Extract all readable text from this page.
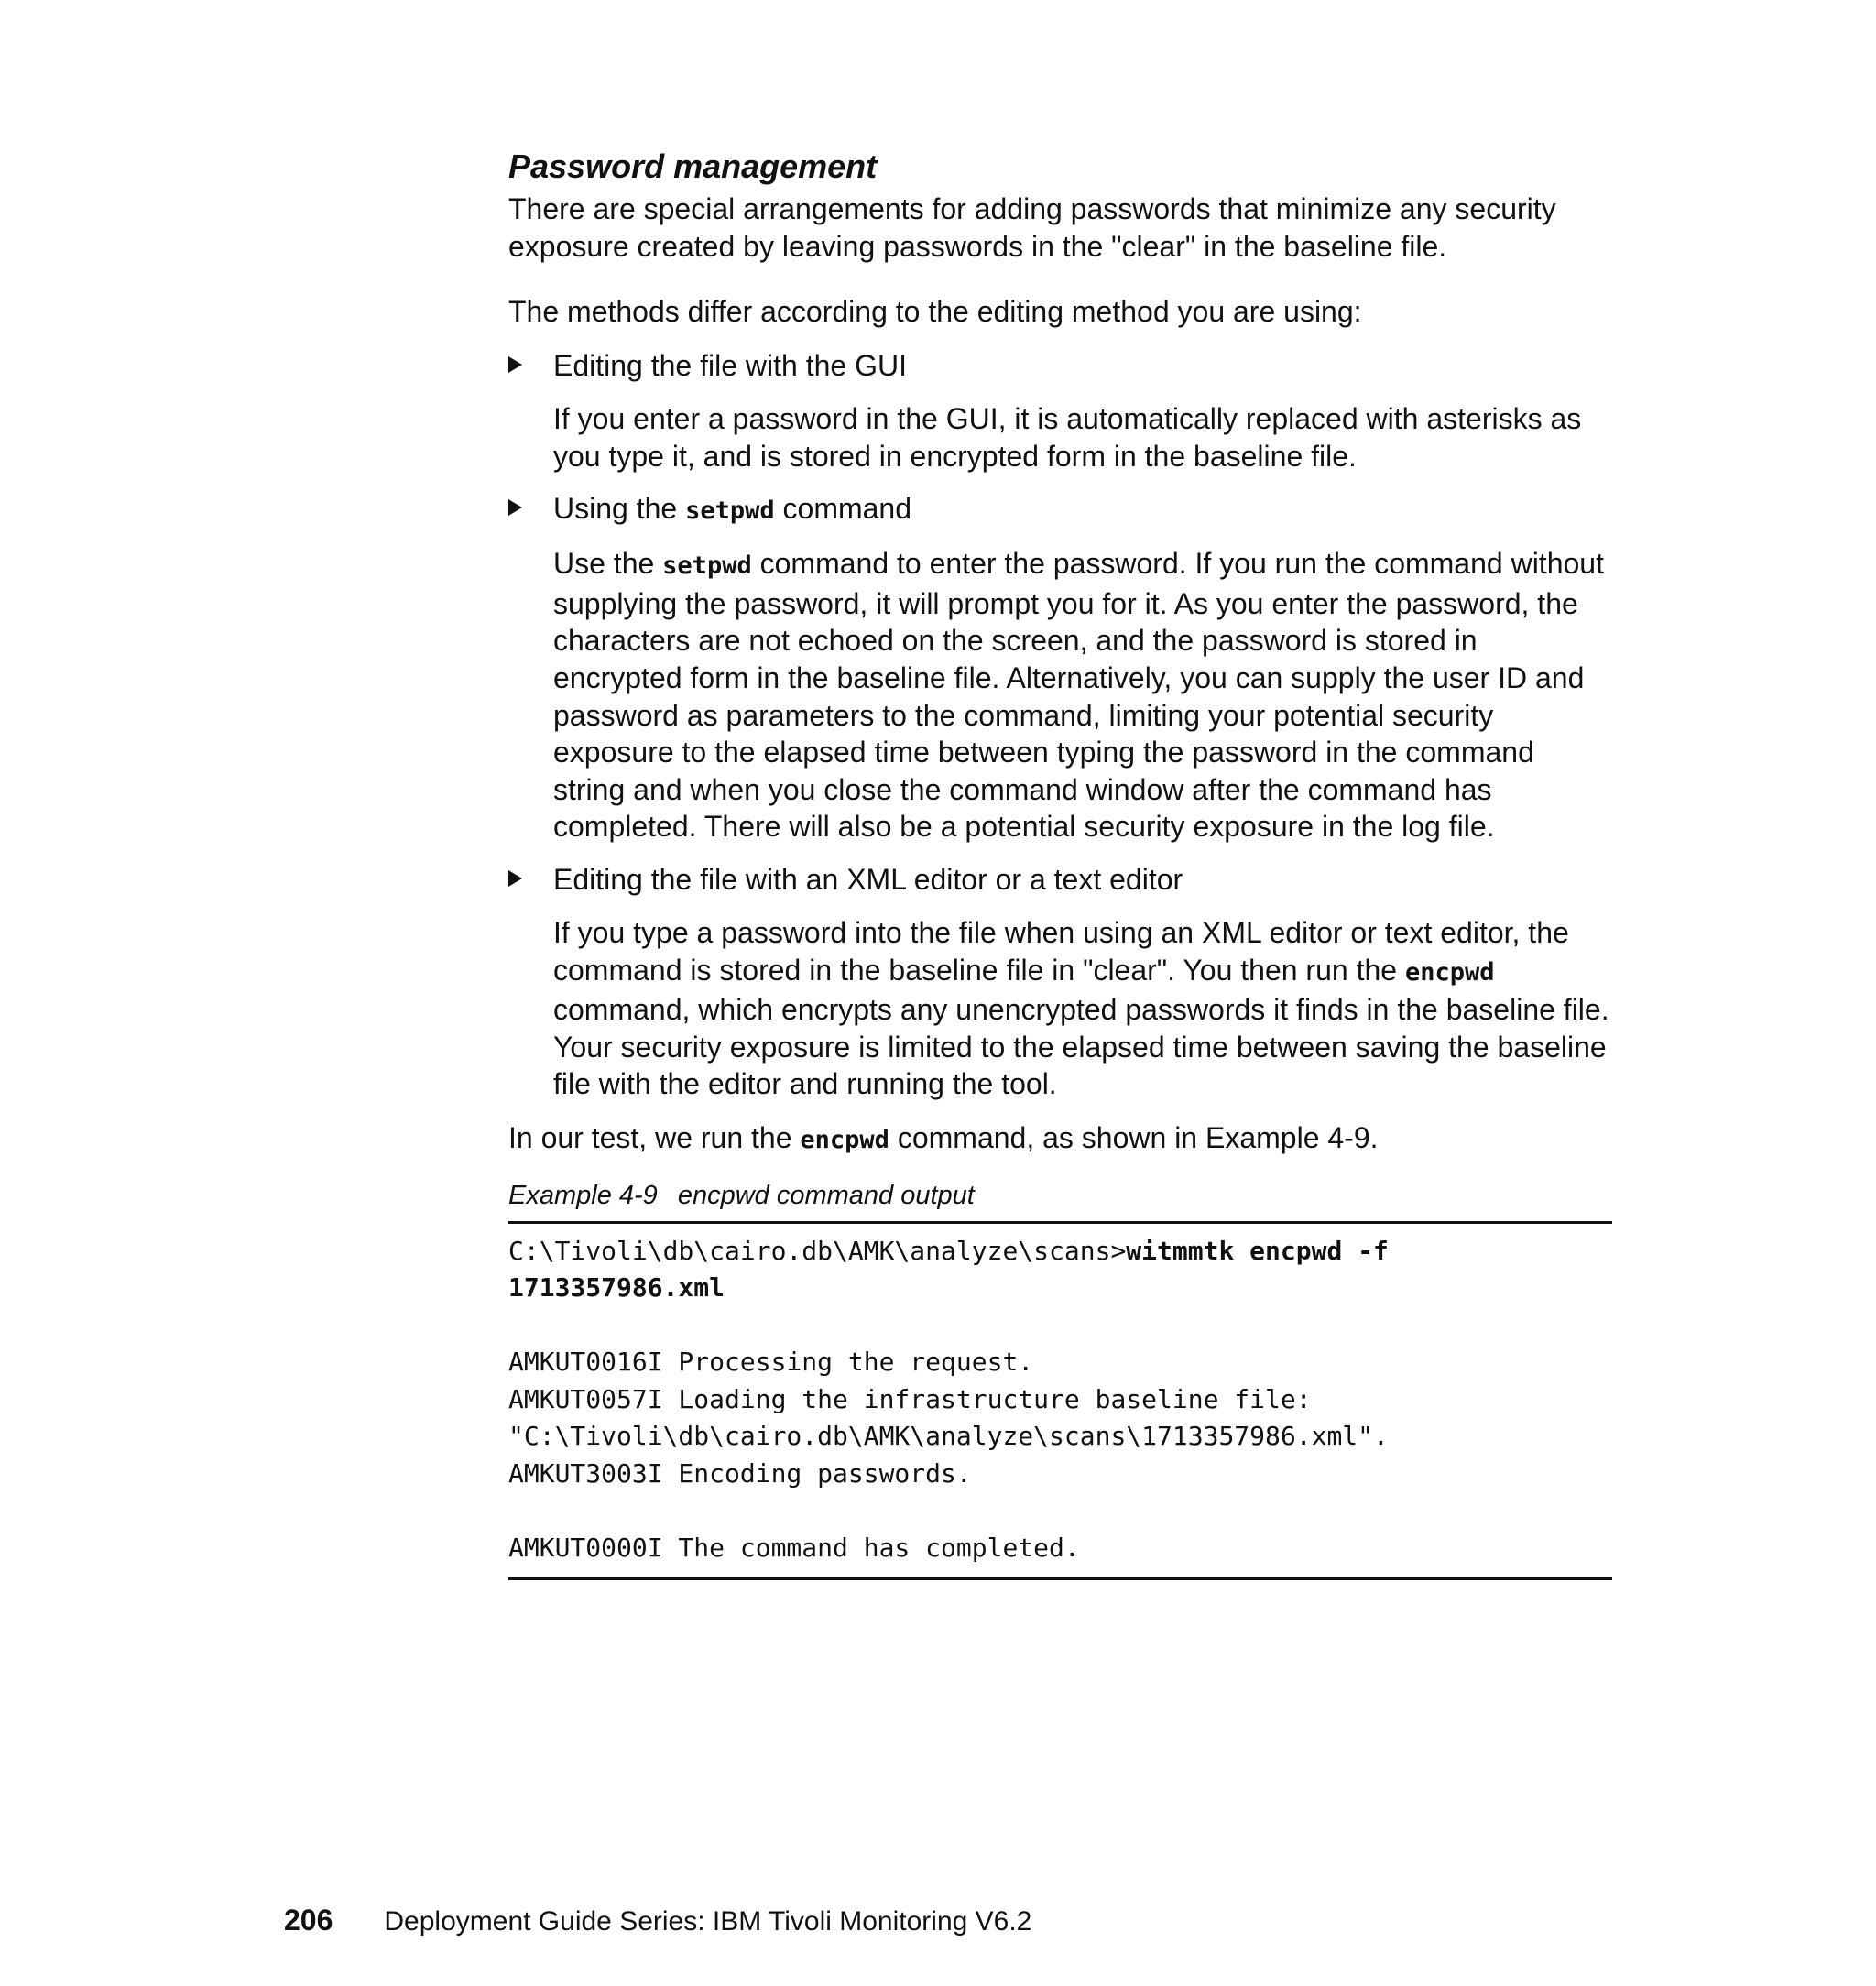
Password management

There are special arrangements for adding passwords that minimize any security exposure created by leaving passwords in the "clear" in the baseline file.

The methods differ according to the editing method you are using:

Editing the file with the GUI
If you enter a password in the GUI, it is automatically replaced with asterisks as you type it, and is stored in encrypted form in the baseline file.
Using the setpwd command
Use the setpwd command to enter the password. If you run the command without supplying the password, it will prompt you for it. As you enter the password, the characters are not echoed on the screen, and the password is stored in encrypted form in the baseline file. Alternatively, you can supply the user ID and password as parameters to the command, limiting your potential security exposure to the elapsed time between typing the password in the command string and when you close the command window after the command has completed. There will also be a potential security exposure in the log file.
Editing the file with an XML editor or a text editor
If you type a password into the file when using an XML editor or text editor, the command is stored in the baseline file in "clear". You then run the encpwd command, which encrypts any unencrypted passwords it finds in the baseline file. Your security exposure is limited to the elapsed time between saving the baseline file with the editor and running the tool.

In our test, we run the encpwd command, as shown in Example 4-9.

Example 4-9 encpwd command output
C:\Tivoli\db\cairo.db\AMK\analyze\scans>witmmtk encpwd -f
1713357986.xml
AMKUT0016I Processing the request.
AMKUT0057I Loading the infrastructure baseline file:
"C:\Tivoli\db\cairo.db\AMK\analyze\scans\1713357986.xml".
AMKUT3003I Encoding passwords.
AMKUT0000I The command has completed.
206 Deployment Guide Series: IBM Tivoli Monitoring V6.2
